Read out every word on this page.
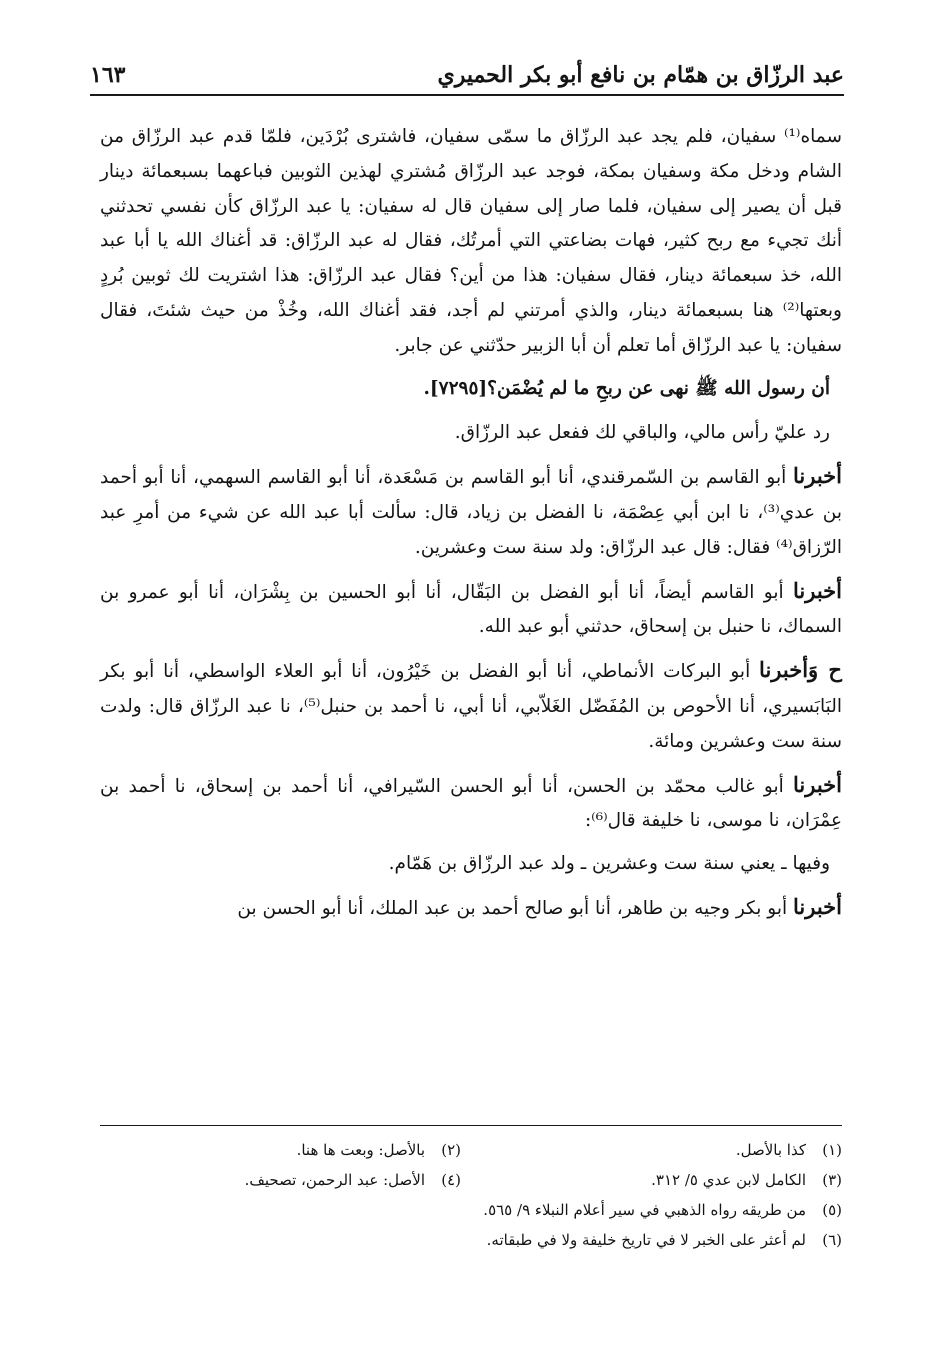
عبد الرزّاق بن همّام بن نافع أبو بكر الحميري
١٦٣

سماه⁽¹⁾ سفيان، فلم يجد عبد الرزّاق ما سمّى سفيان، فاشترى بُرْدَين، فلمّا قدم عبد الرزّاق من الشام ودخل مكة وسفيان بمكة، فوجد عبد الرزّاق مُشتري لهذين الثوبين فباعهما بسبعمائة دينار قبل أن يصير إلى سفيان، فلما صار إلى سفيان قال له سفيان: يا عبد الرزّاق كأن نفسي تحدثني أنك تجيء مع ربح كثير، فهات بضاعتي التي أمرتُك، فقال له عبد الرزّاق: قد أغناك الله يا أبا عبد الله، خذ سبعمائة دينار، فقال سفيان: هذا من أين؟ فقال عبد الرزّاق: هذا اشتريت لك ثوبين بُردٍ وبعتها⁽²⁾ هنا بسبعمائة دينار، والذي أمرتني لم أجد، فقد أغناك الله، وخُذْ من حيث شئتَ، فقال سفيان: يا عبد الرزّاق أما تعلم أن أبا الزبير حدّثني عن جابر.

أن رسول الله ﷺ نهى عن ربحِ ما لم يُضْمَن؟[٧٢٩٥].

رد عليّ رأس مالي، والباقي لك ففعل عبد الرزّاق.

أخبرنا أبو القاسم بن السّمرقندي، أنا أبو القاسم بن مَسْعَدة، أنا أبو القاسم السهمي، أنا أبو أحمد بن عدي⁽³⁾، نا ابن أبي عِصْمَة، نا الفضل بن زياد، قال: سألت أبا عبد الله عن شيء من أمرِ عبد الرّزاق⁽⁴⁾ فقال: قال عبد الرزّاق: ولد سنة ست وعشرين.

أخبرنا أبو القاسم أيضاً، أنا أبو الفضل بن البَقّال، أنا أبو الحسين بن بِشْرَان، أنا أبو عمرو بن السماك، نا حنبل بن إسحاق، حدثني أبو عبد الله.

ح وَأخبرنا أبو البركات الأنماطي، أنا أبو الفضل بن خَيْرُون، أنا أبو العلاء الواسطي، أنا أبو بكر البَابَسيري، أنا الأحوص بن المُفَضّل الغَلاّبي، أنا أبي، نا أحمد بن حنبل⁽⁵⁾، نا عبد الرزّاق قال: ولدت سنة ست وعشرين ومائة.

أخبرنا أبو غالب محمّد بن الحسن، أنا أبو الحسن السّيرافي، أنا أحمد بن إسحاق، نا أحمد بن عِمْرَان، نا موسى، نا خليفة قال⁽⁶⁾:

وفيها ـ يعني سنة ست وعشرين ـ ولد عبد الرزّاق بن هَمّام.

أخبرنا أبو بكر وجيه بن طاهر، أنا أبو صالح أحمد بن عبد الملك، أنا أبو الحسن بن

(١)كذا بالأصل.
(٢)بالأصل: وبعت ها هنا.
(٣)الكامل لابن عدي ٥/ ٣١٢.
(٤)الأصل: عبد الرحمن، تصحيف.
(٥)من طريقه رواه الذهبي في سير أعلام النبلاء ٩/ ٥٦٥.
(٦)لم أعثر على الخبر لا في تاريخ خليفة ولا في طبقاته.
